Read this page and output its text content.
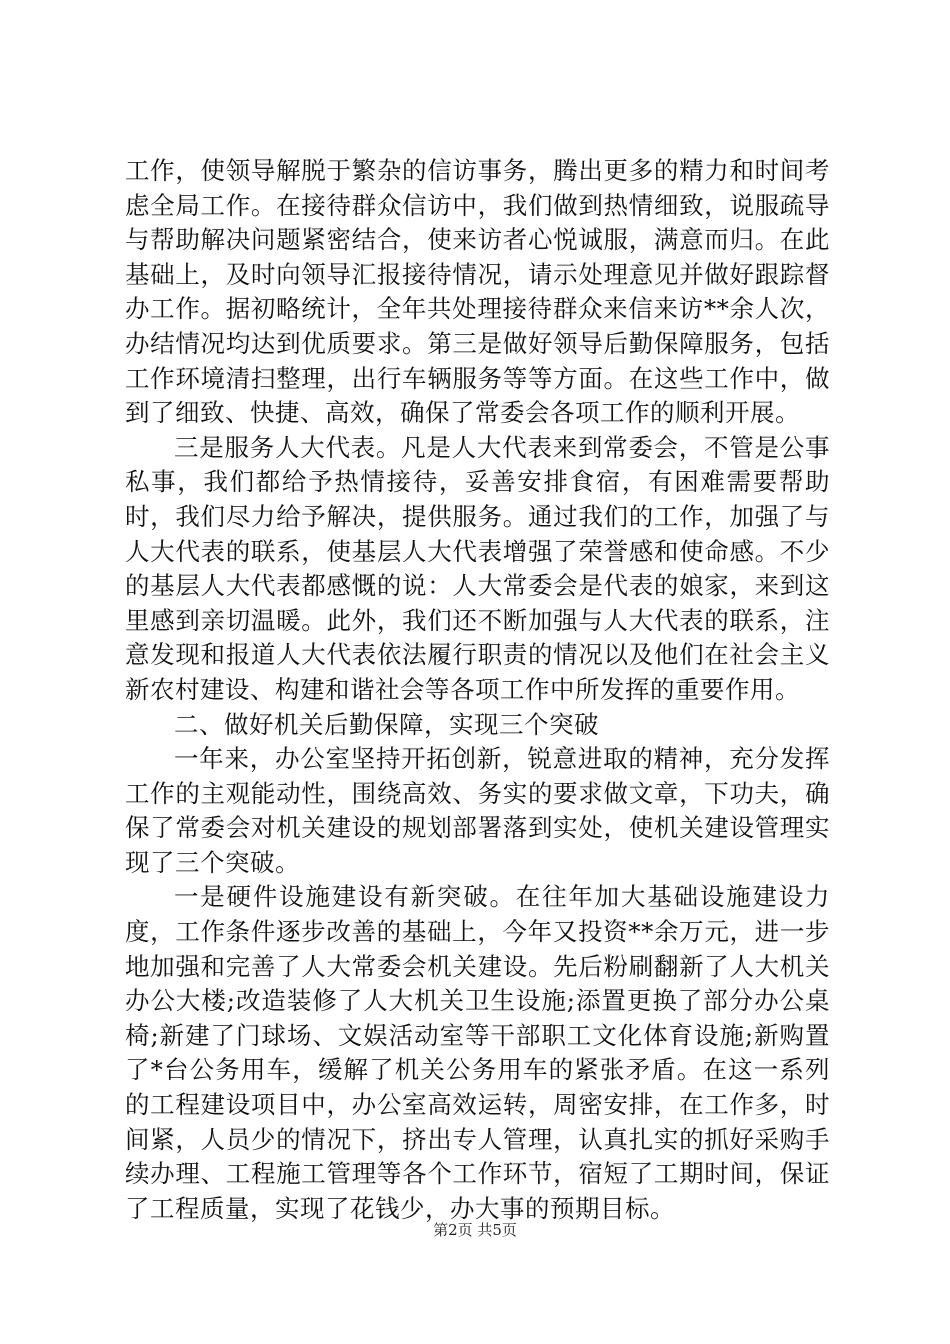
工作，使领导解脱于繁杂的信访事务，腾出更多的精力和时间考虑全局工作。在接待群众信访中，我们做到热情细致，说服疏导与帮助解决问题紧密结合，使来访者心悦诚服，满意而归。在此基础上，及时向领导汇报接待情况，请示处理意见并做好跟踪督办工作。据初略统计，全年共处理接待群众来信来访**余人次，办结情况均达到优质要求。第三是做好领导后勤保障服务，包括工作环境清扫整理，出行车辆服务等等方面。在这些工作中，做到了细致、快捷、高效，确保了常委会各项工作的顺利开展。

三是服务人大代表。凡是人大代表来到常委会，不管是公事私事，我们都给予热情接待，妥善安排食宿，有困难需要帮助时，我们尽力给予解决，提供服务。通过我们的工作，加强了与人大代表的联系，使基层人大代表增强了荣誉感和使命感。不少的基层人大代表都感慨的说：人大常委会是代表的娘家，来到这里感到亲切温暖。此外，我们还不断加强与人大代表的联系，注意发现和报道人大代表依法履行职责的情况以及他们在社会主义新农村建设、构建和谐社会等各项工作中所发挥的重要作用。

二、做好机关后勤保障，实现三个突破

一年来，办公室坚持开拓创新，锐意进取的精神，充分发挥工作的主观能动性，围绕高效、务实的要求做文章，下功夫，确保了常委会对机关建设的规划部署落到实处，使机关建设管理实现了三个突破。

一是硬件设施建设有新突破。在往年加大基础设施建设力度，工作条件逐步改善的基础上，今年又投资**余万元，进一步地加强和完善了人大常委会机关建设。先后粉刷翻新了人大机关办公大楼;改造装修了人大机关卫生设施;添置更换了部分办公桌椅;新建了门球场、文娱活动室等干部职工文化体育设施;新购置了*台公务用车，缓解了机关公务用车的紧张矛盾。在这一系列的工程建设项目中，办公室高效运转，周密安排，在工作多，时间紧，人员少的情况下，挤出专人管理，认真扎实的抓好采购手续办理、工程施工管理等各个工作环节，宿短了工期时间，保证了工程质量，实现了花钱少，办大事的预期目标。

第2页 共5页
